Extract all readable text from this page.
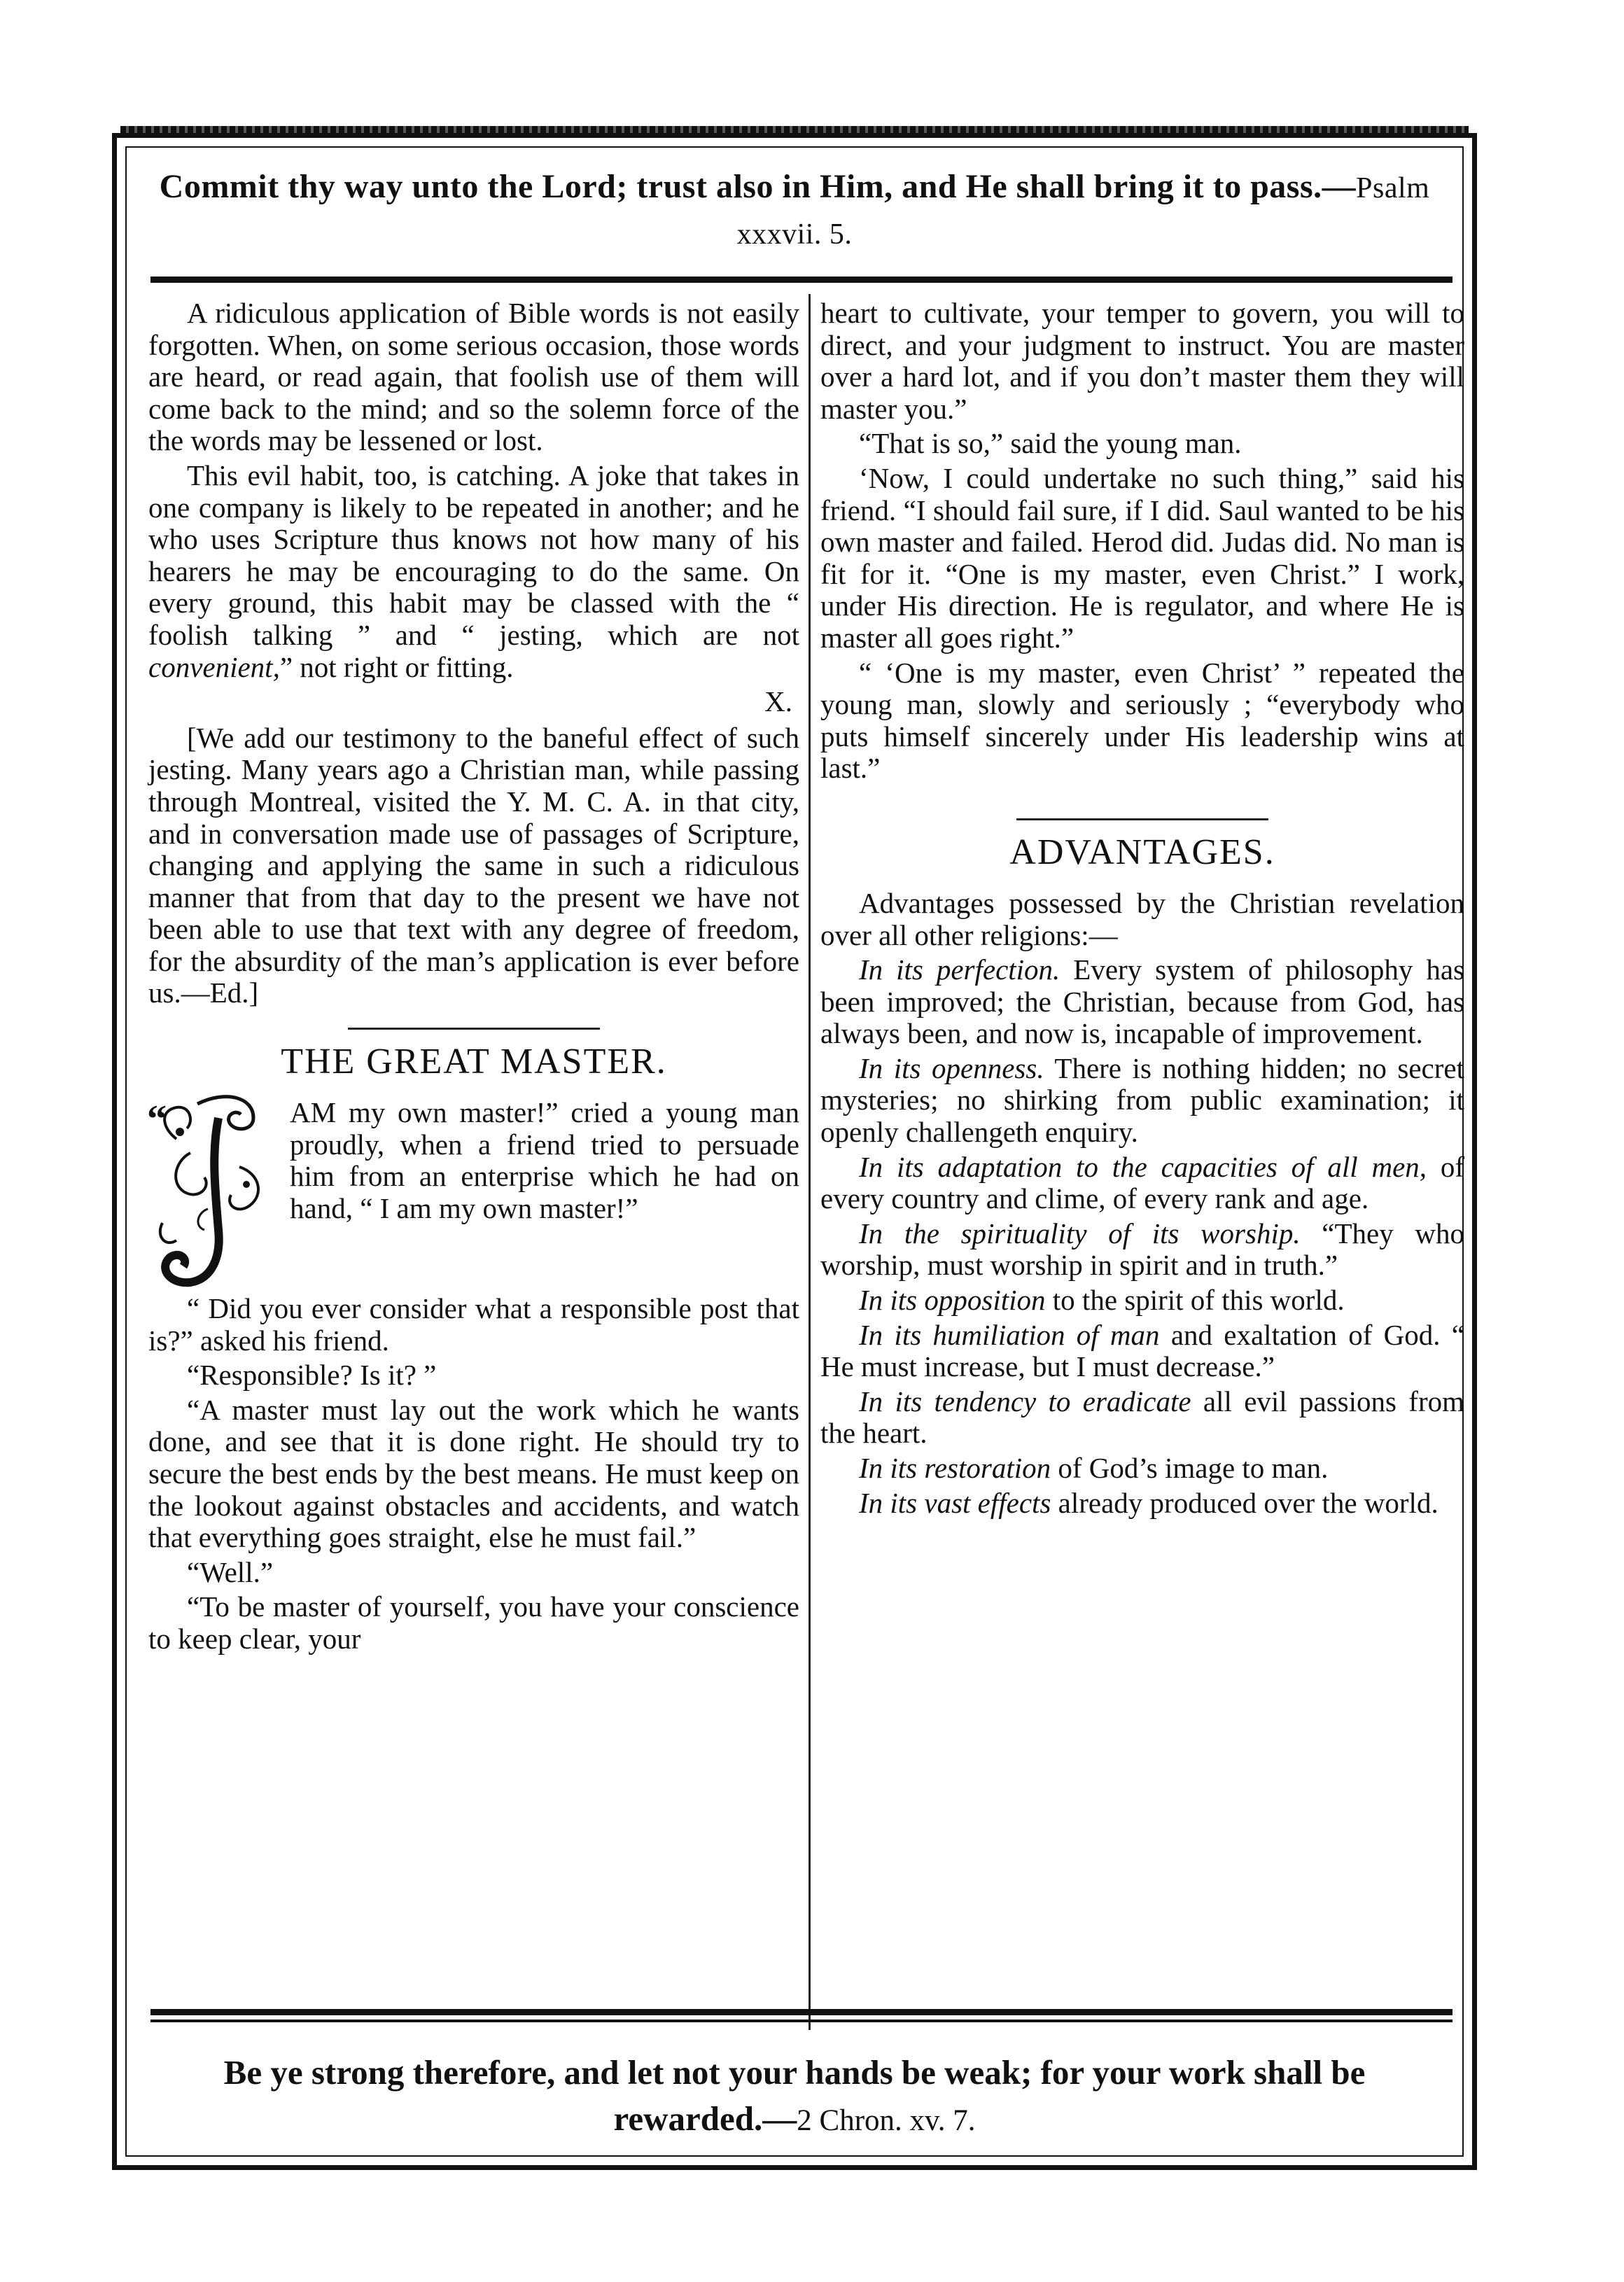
Commit thy way unto the Lord; trust also in Him, and He shall bring it to pass.—Psalm xxxvii. 5.

A ridiculous application of Bible words is not easily forgotten. When, on some serious occasion, those words are heard, or read again, that foolish use of them will come back to the mind; and so the solemn force of the the words may be lessened or lost.

This evil habit, too, is catching. A joke that takes in one company is likely to be repeated in another; and he who uses Scripture thus knows not how many of his hearers he may be encouraging to do the same. On every ground, this habit may be classed with the “ foolish talking ” and “ jesting, which are not convenient,” not right or fitting.

X.

[We add our testimony to the baneful effect of such jesting. Many years ago a Christian man, while passing through Montreal, visited the Y. M. C. A. in that city, and in conversation made use of passages of Scripture, changing and applying the same in such a ridiculous manner that from that day to the present we have not been able to use that text with any degree of freedom, for the absurdity of the man’s application is ever before us.—Ed.]

THE GREAT MASTER.
“	AM my own master!” cried a young man proudly, when a friend tried to persuade him from an enterprise which he had on hand, “ I am my own master!”

“ Did you ever consider what a responsible post that is?” asked his friend.

“Responsible? Is it? ”

“A master must lay out the work which he wants done, and see that it is done right. He should try to secure the best ends by the best means. He must keep on the lookout against obstacles and accidents, and watch that everything goes straight, else he must fail.”

“Well.”

“To be master of yourself, you have your conscience to keep clear, your

heart to cultivate, your temper to govern, you will to direct, and your judgment to instruct. You are master over a hard lot, and if you don’t master them they will master you.”

“That is so,” said the young man.

‘Now, I could undertake no such thing,” said his friend. “I should fail sure, if I did. Saul wanted to be his own master and failed. Herod did. Judas did. No man is fit for it. “One is my master, even Christ.” I work, under His direction. He is regulator, and where He is master all goes right.”

“ ‘One is my master, even Christ’ ” repeated the young man, slowly and seriously ; “everybody who puts himself sincerely under His leadership wins at last.”

ADVANTAGES.

Advantages possessed by the Christian revelation over all other religions:—

In its perfection. Every system of philosophy has been improved; the Christian, because from God, has always been, and now is, incapable of improvement.

In its openness. There is nothing hidden; no secret mysteries; no shirking from public examination; it openly challengeth enquiry.

In its adaptation to the capacities of all men, of every country and clime, of every rank and age.

In the spirituality of its worship. “They who worship, must worship in spirit and in truth.”

In its opposition to the spirit of this world.

In its humiliation of man and exaltation of God. “ He must increase, but I must decrease.”

In its tendency to eradicate all evil passions from the heart.

In its restoration of God’s image to man.

In its vast effects already produced over the world.

Be ye strong therefore, and let not your hands be weak; for your work shall be rewarded.—2 Chron. xv. 7.
